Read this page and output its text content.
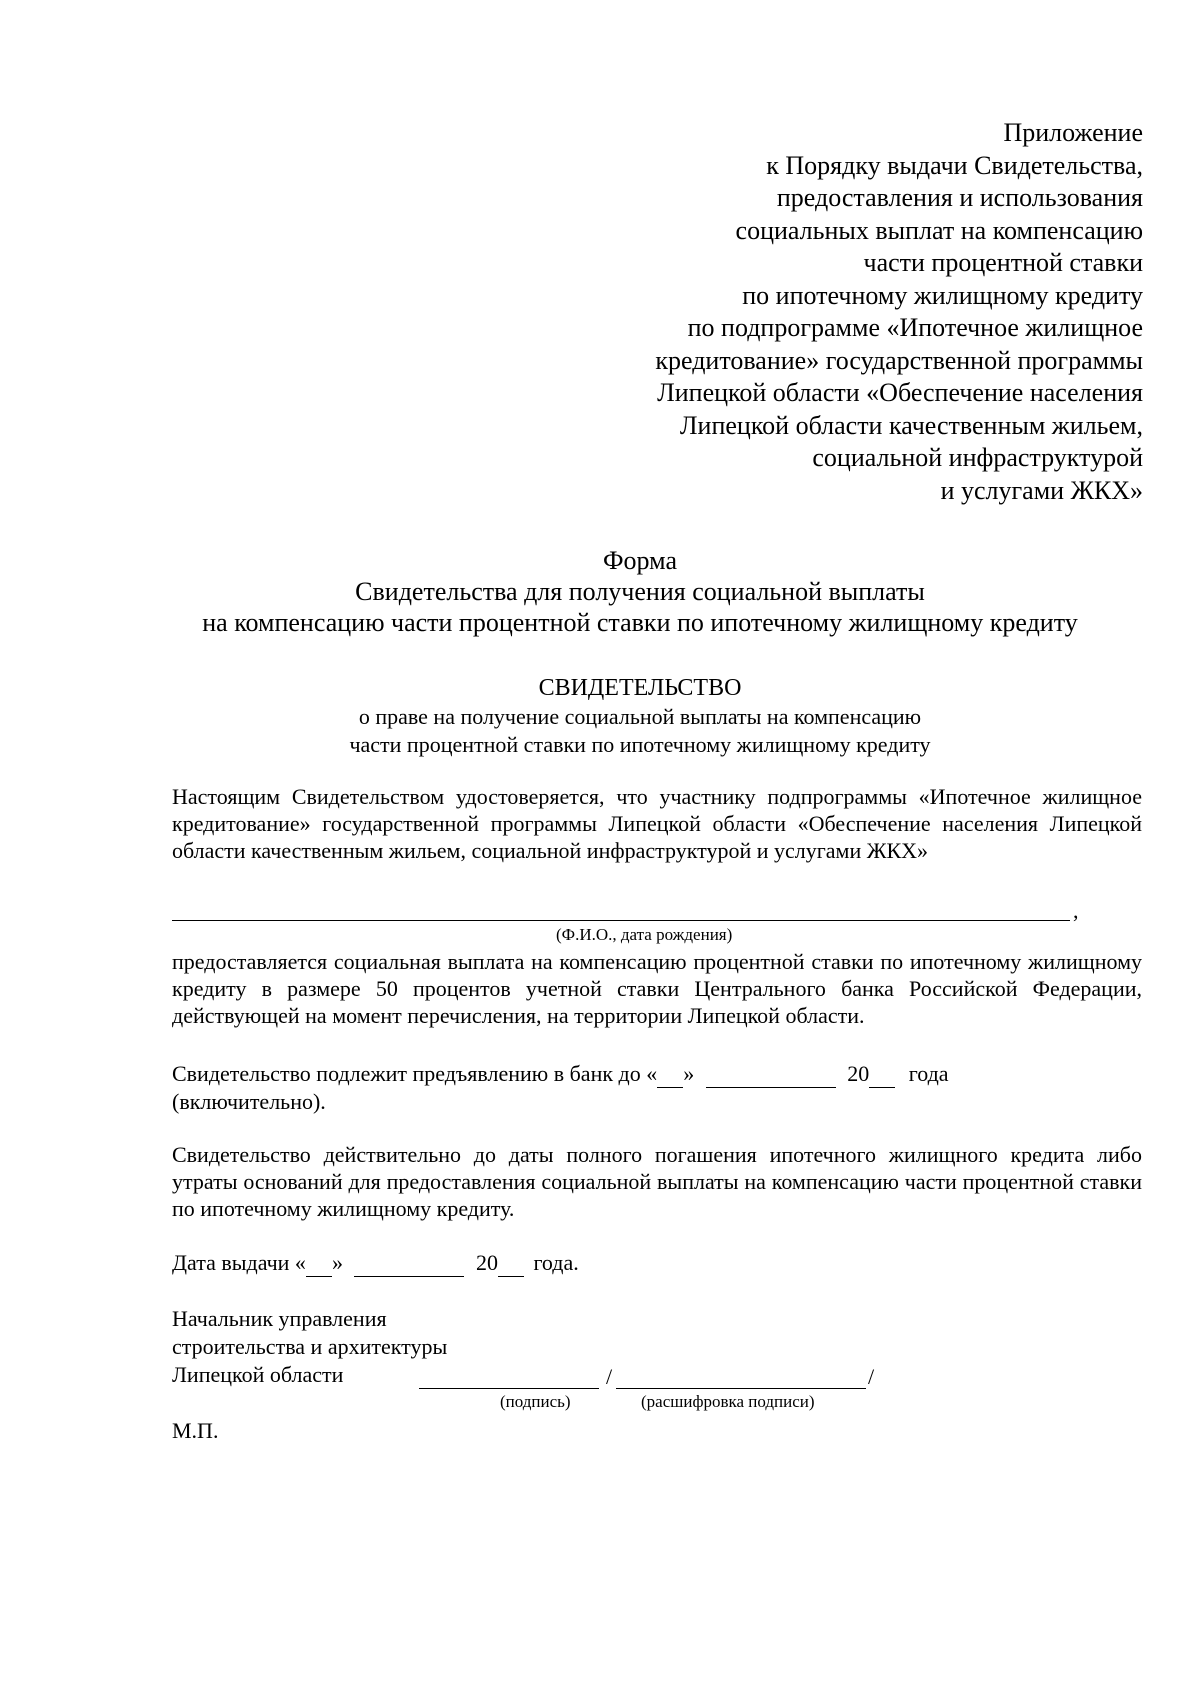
Приложение
к Порядку выдачи Свидетельства,
предоставления и использования
социальных выплат на компенсацию
части процентной ставки
по ипотечному жилищному кредиту
по подпрограмме «Ипотечное жилищное
кредитование» государственной программы
Липецкой области «Обеспечение населения
Липецкой области качественным жильем,
социальной инфраструктурой
и услугами ЖКХ»
Форма
Свидетельства для получения социальной выплаты
на компенсацию части процентной ставки по ипотечному жилищному кредиту
СВИДЕТЕЛЬСТВО
о праве на получение социальной выплаты на компенсацию
части процентной ставки по ипотечному жилищному кредиту
Настоящим Свидетельством удостоверяется, что участнику подпрограммы «Ипотечное жилищное кредитование» государственной программы Липецкой области «Обеспечение населения Липецкой области качественным жильем, социальной инфраструктурой и услугами ЖКХ»
,
(Ф.И.О., дата рождения)
предоставляется социальная выплата на компенсацию процентной ставки по ипотечному жилищному кредиту в размере 50 процентов учетной ставки Центрального банка Российской Федерации, действующей на момент перечисления, на территории Липецкой области.
Свидетельство подлежит предъявлению в банк до « »	20 года
(включительно).
Свидетельство действительно до даты полного погашения ипотечного жилищного кредита либо утраты оснований для предоставления социальной выплаты на компенсацию части процентной ставки по ипотечному жилищному кредиту.
Дата выдачи « »	20 года.
Начальник управления
строительства и архитектуры
Липецкой области	/	/
(подпись)	(расшифровка подписи)
М.П.
